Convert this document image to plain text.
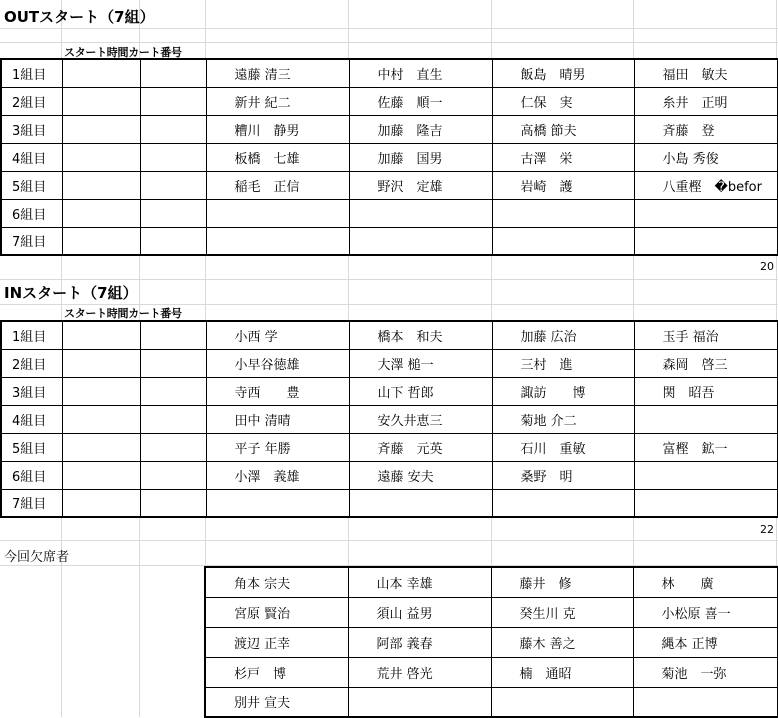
OUTスタート（7組）
スタート時間カート番号
1組目			遠藤 清三	中村　直生	飯島　晴男	福田　敏夫
2組目			新井 紀二	佐藤　順一	仁保　実	糸井　正明
3組目			糟川　静男	加藤　隆吉	高橋 節夫	斉藤　登
4組目			板橋　七雄	加藤　国男	古澤　栄	小島 秀俊
5組目			稲毛　正信	野沢　定雄	岩崎　護	八重樫　�befor
6組目						
7組目						
20
INスタート（7組）
スタート時間カート番号
1組目			小西 学	橋本　和夫	加藤 広治	玉手 福治
2組目			小早谷徳雄	大澤 槌一	三村　進	森岡　啓三
3組目			寺西　　豊	山下 哲郎	諏訪　　博	関　昭吾
4組目			田中 清晴	安久井恵三	菊地 介二	
5組目			平子 年勝	斉藤　元英	石川　重敏	富樫　鉱一
6組目			小澤　義雄	遠藤 安夫	桑野　明	
7組目						
22
今回欠席者
角本 宗夫	山本 幸雄	藤井　修	林　　廣
宮原 賢治	須山 益男	癸生川 克	小松原 喜一
渡辺 正幸	阿部 義春	藤木 善之	縄本 正博
杉戸　博	荒井 啓光	楠　通昭	菊池　一弥
別井 宣夫			
